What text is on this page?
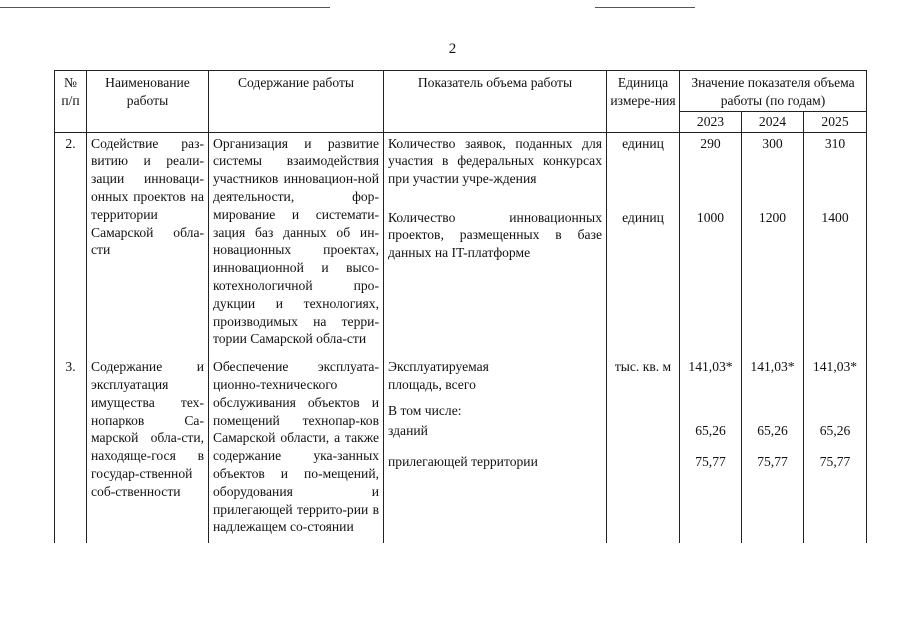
2
№ п/п	Наименование работы	Содержание работы	Показатель объема работы	Единица измере-ния	Значение показателя объема работы (по годам)		
					2023	2024	2025
2.	Содействие раз-витию и реали-зации инноваци-онных проектов на территории Самарской обла-сти	Организация и развитие системы взаимодействия участников инновацион-ной деятельности, фор-мирование и системати-зация баз данных об ин-новационных проектах, инновационной и высо-котехнологичной про-дукции и технологиях, производимых на терри-тории Самарской обла-сти	Количество заявок, поданных для участия в федеральных конкурсах при участии учре-ждения	единиц	290	300	310
			Количество инновационных проектов, размещенных в базе данных на IT-платформе	единиц	1000	1200	1400

3.	Содержание и эксплуатация имущества тех-нопарков Са-марской обла-сти, находяще-гося в государ-ственной соб-ственности	Обеспечение эксплуата-ционно-технического обслуживания объектов и помещений технопар-ков Самарской области, а также содержание ука-занных объектов и по-мещений, оборудования и прилегающей террито-рии в надлежащем со-стоянии	Эксплуатируемая площадь, всего	тыс. кв. м	141,03*	141,03*	141,03*
			В том числе:				
			зданий		65,26	65,26	65,26
			прилегающей территории		75,77	75,77	75,77
